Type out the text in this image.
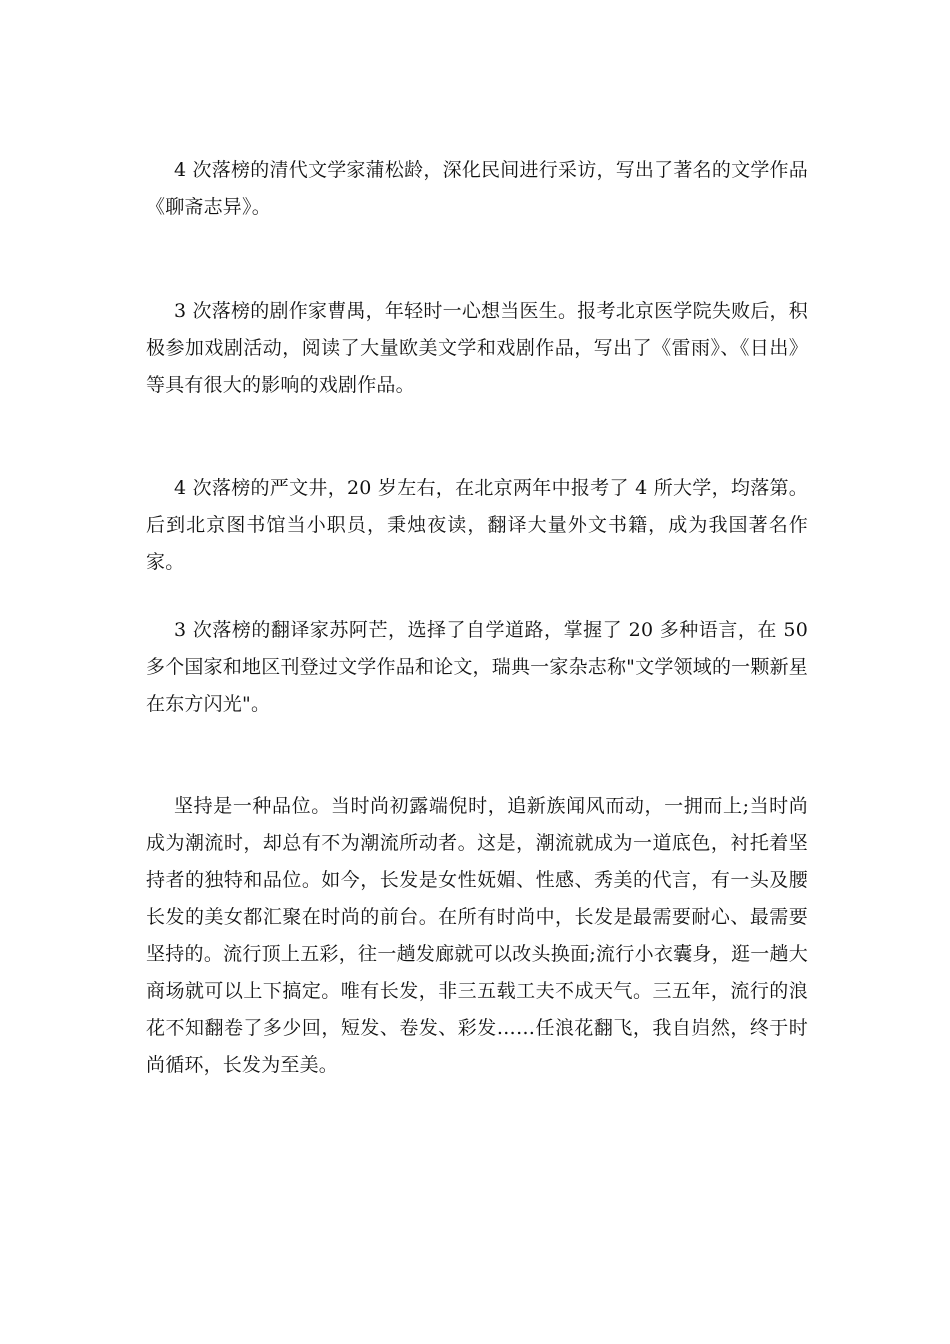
4 次落榜的清代文学家蒲松龄，深化民间进行采访，写出了著名的文学作品《聊斋志异》。

3 次落榜的剧作家曹禺，年轻时一心想当医生。报考北京医学院失败后，积极参加戏剧活动，阅读了大量欧美文学和戏剧作品，写出了《雷雨》、《日出》等具有很大的影响的戏剧作品。

4 次落榜的严文井，20 岁左右，在北京两年中报考了 4 所大学，均落第。后到北京图书馆当小职员，秉烛夜读，翻译大量外文书籍，成为我国著名作家。

3 次落榜的翻译家苏阿芒，选择了自学道路，掌握了 20 多种语言，在 50 多个国家和地区刊登过文学作品和论文，瑞典一家杂志称"文学领域的一颗新星在东方闪光"。

坚持是一种品位。当时尚初露端倪时，追新族闻风而动，一拥而上;当时尚成为潮流时，却总有不为潮流所动者。这是，潮流就成为一道底色，衬托着坚持者的独特和品位。如今，长发是女性妩媚、性感、秀美的代言，有一头及腰长发的美女都汇聚在时尚的前台。在所有时尚中，长发是最需要耐心、最需要坚持的。流行顶上五彩，往一趟发廊就可以改头换面;流行小衣囊身，逛一趟大商场就可以上下搞定。唯有长发，非三五载工夫不成天气。三五年，流行的浪花不知翻卷了多少回，短发、卷发、彩发……任浪花翻飞，我自岿然，终于时尚循环，长发为至美。
